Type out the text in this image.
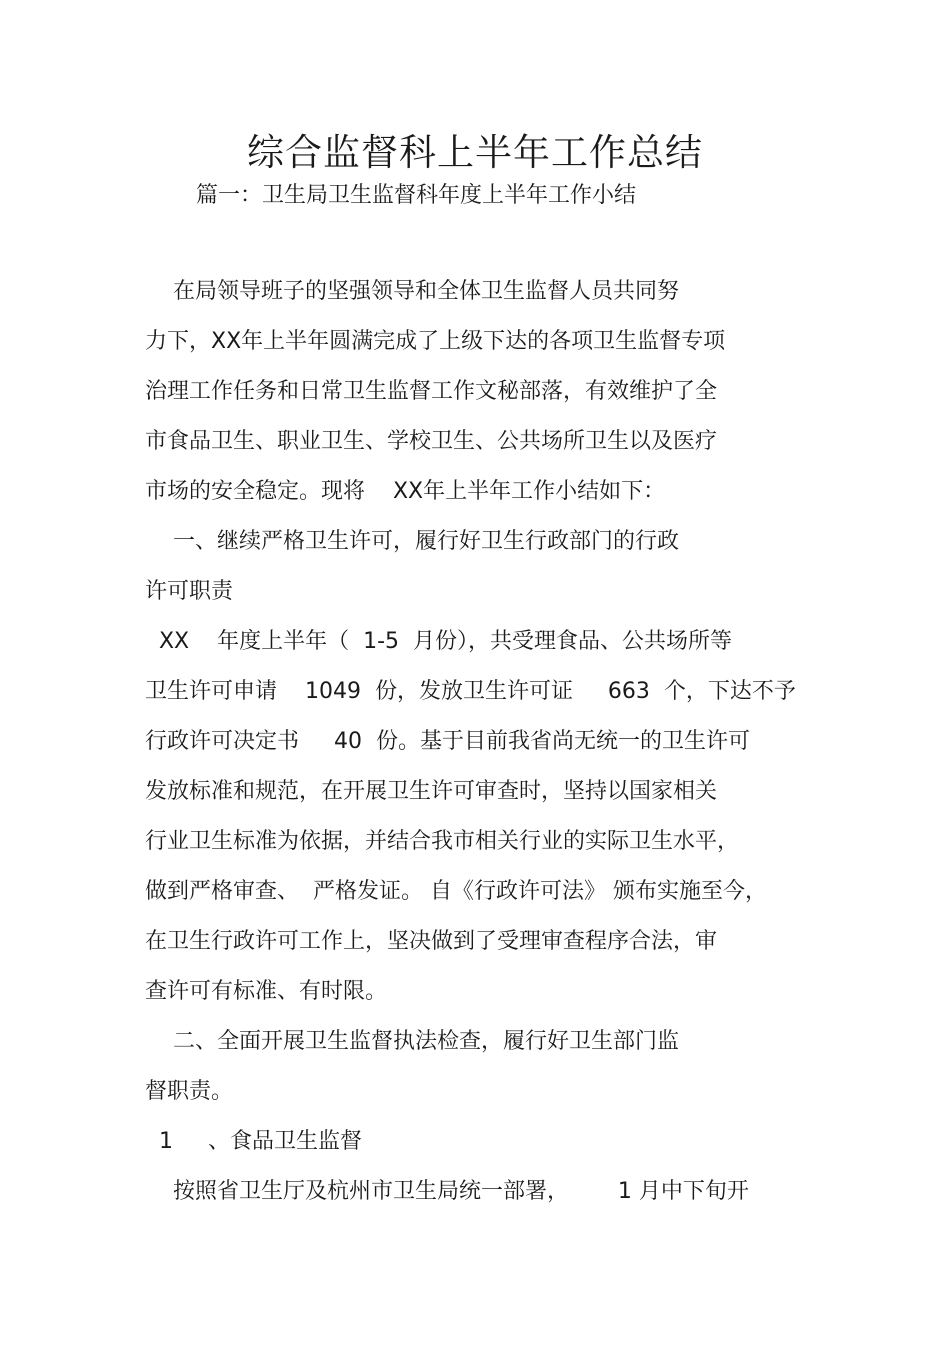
综合监督科上半年工作总结
篇一：卫生局卫生监督科年度上半年工作小结
在局领导班子的坚强领导和全体卫生监督人员共同努
力下，XX年上半年圆满完成了上级下达的各项卫生监督专项
治理工作任务和日常卫生监督工作文秘部落，有效维护了全
市食品卫生、职业卫生、学校卫生、公共场所卫生以及医疗
市场的安全稳定。现将    XX年上半年工作小结如下：
一、继续严格卫生许可，履行好卫生行政部门的行政
许可职责
XX    年度上半年（  1-5  月份），共受理食品、公共场所等
卫生许可申请    1049  份，发放卫生许可证     663  个，下达不予
行政许可决定书     40  份。基于目前我省尚无统一的卫生许可
发放标准和规范，在开展卫生许可审查时，坚持以国家相关
行业卫生标准为依据，并结合我市相关行业的实际卫生水平，
做到严格审查、  严格发证。 自《行政许可法》 颁布实施至今，
在卫生行政许可工作上，坚决做到了受理审查程序合法，审
查许可有标准、有时限。
二、全面开展卫生监督执法检查，履行好卫生部门监
督职责。
1     、食品卫生监督
按照省卫生厅及杭州市卫生局统一部署，       1 月中下旬开
